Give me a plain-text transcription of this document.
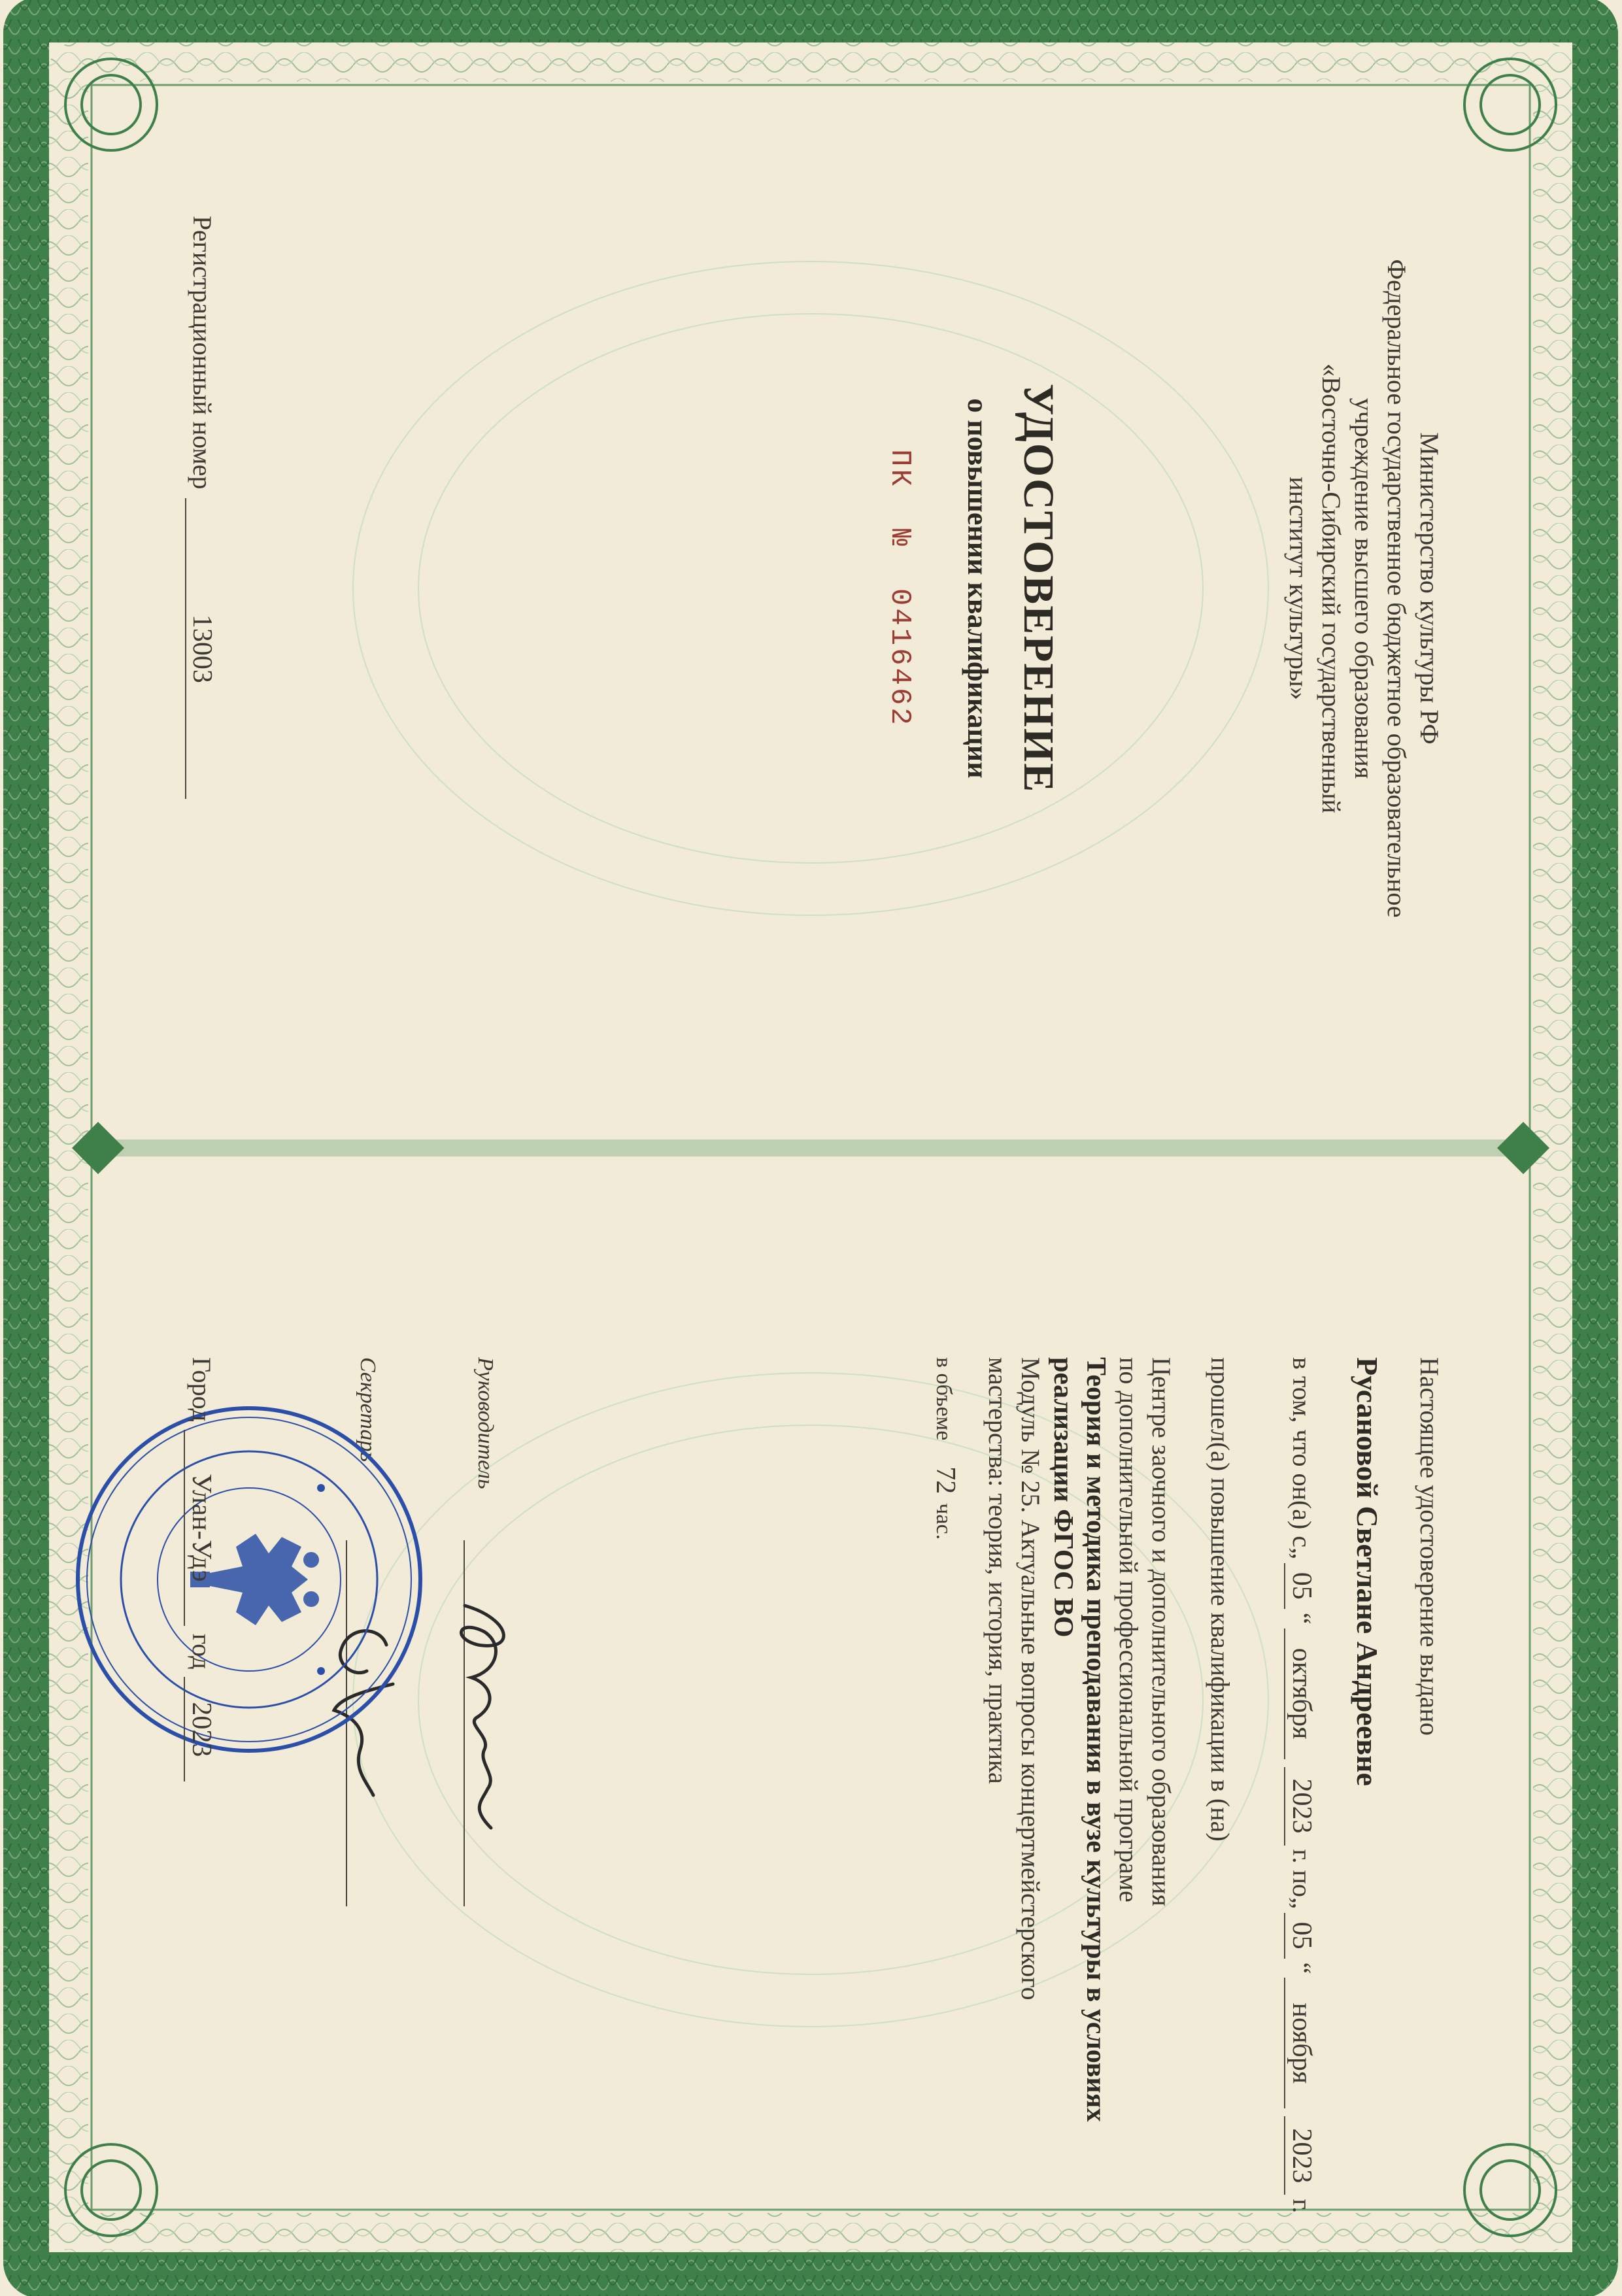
Министерство культуры РФ
Федеральное государственное бюджетное образовательное
учреждение высшего образования
«Восточно-Сибирский государственный
институт культуры»
УДОСТОВЕРЕНИЕ
о повышении квалификации
ПК  №  0416462
Регистрационный номер
13003
Настоящее удостоверение выдано
Русановой Светлане Андреевне
в том, что он(а) с
„
05
“
октября
2023
г. по
„
05
“
ноября
2023
г.
прошел(а) повышение квалификации в (на)
Центре заочного и дополнительного образования
по дополнительной профессиональной програме
Теория и методика преподавания в вузе культуры в условиях
реализации ФГОС ВО
Модуль № 25. Актуальные вопросы концертмейстерского
мастерства: теория, история, практика
в объеме
72
час.
Руководитель
Секретарь
Город
Улан-Удэ
год
2023
